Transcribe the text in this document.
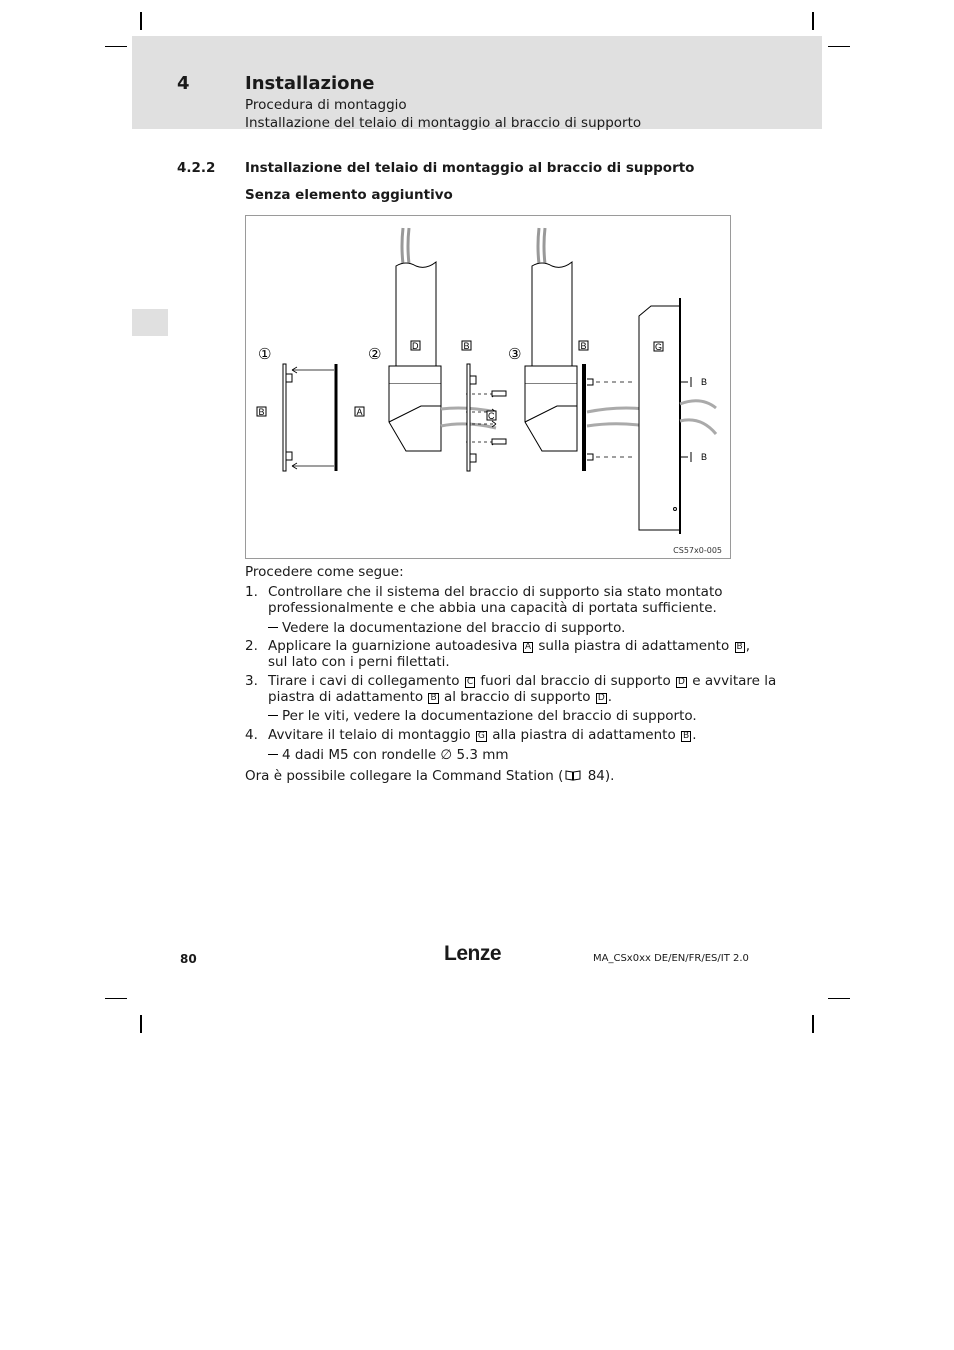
4	Installazione
Procedura di montaggio
Installazione del telaio di montaggio al braccio di supporto
4.2.2 Installazione del telaio di montaggio al braccio di supporto
Senza elemento aggiuntivo
①	②	③
B	A
D	B
C
B	G
B
B
CS57x0-005
Procedere come segue:
1. Controllare che il sistema del braccio di supporto sia stato montato
professionalmente e che abbia una capacità di portata sufficiente.
Vedere la documentazione del braccio di supporto.
2. Applicare la guarnizione autoadesiva A sulla piastra di adattamento B ,
sul lato con i perni filettati.
3. Tirare i cavi di collegamento C fuori dal braccio di supporto D e avvitare la
piastra di adattamento B al braccio di supporto D .
Per le viti, vedere la documentazione del braccio di supporto.
4. Avvitare il telaio di montaggio G alla piastra di adattamento B .
4 dadi M5 con rondelle ∅ 5.3 mm
Ora è possibile collegare la Command Station ( 84).
80	Lenze	MA_CSx0xx DE/EN/FR/ES/IT 2.0
